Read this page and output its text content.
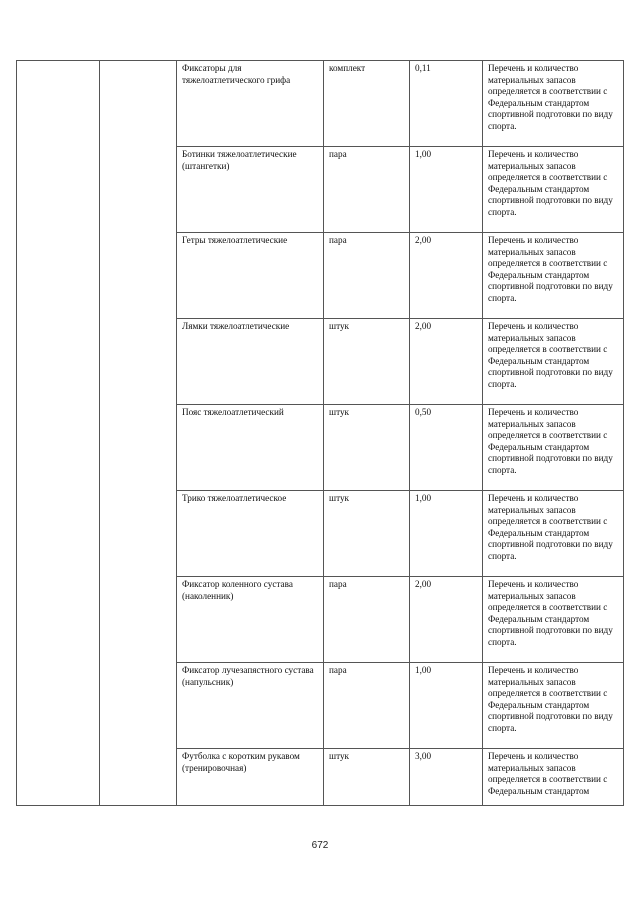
		Фиксаторы для тяжелоатлетического грифа	комплект	0,11	Перечень и количество материальных запасов определяется в соответствии с Федеральным стандартом спортивной подготовки по виду спорта.
		Ботинки тяжелоатлетические (штангетки)	пара	1,00	Перечень и количество материальных запасов определяется в соответствии с Федеральным стандартом спортивной подготовки по виду спорта.
		Гетры тяжелоатлетические	пара	2,00	Перечень и количество материальных запасов определяется в соответствии с Федеральным стандартом спортивной подготовки по виду спорта.
		Лямки тяжелоатлетические	штук	2,00	Перечень и количество материальных запасов определяется в соответствии с Федеральным стандартом спортивной подготовки по виду спорта.
		Пояс тяжелоатлетический	штук	0,50	Перечень и количество материальных запасов определяется в соответствии с Федеральным стандартом спортивной подготовки по виду спорта.
		Трико тяжелоатлетическое	штук	1,00	Перечень и количество материальных запасов определяется в соответствии с Федеральным стандартом спортивной подготовки по виду спорта.
		Фиксатор коленного сустава (наколенник)	пара	2,00	Перечень и количество материальных запасов определяется в соответствии с Федеральным стандартом спортивной подготовки по виду спорта.
		Фиксатор лучезапястного сустава (напульсник)	пара	1,00	Перечень и количество материальных запасов определяется в соответствии с Федеральным стандартом спортивной подготовки по виду спорта.
		Футболка с коротким рукавом (тренировочная)	штук	3,00	Перечень и количество материальных запасов определяется в соответствии с Федеральным стандартом
672
